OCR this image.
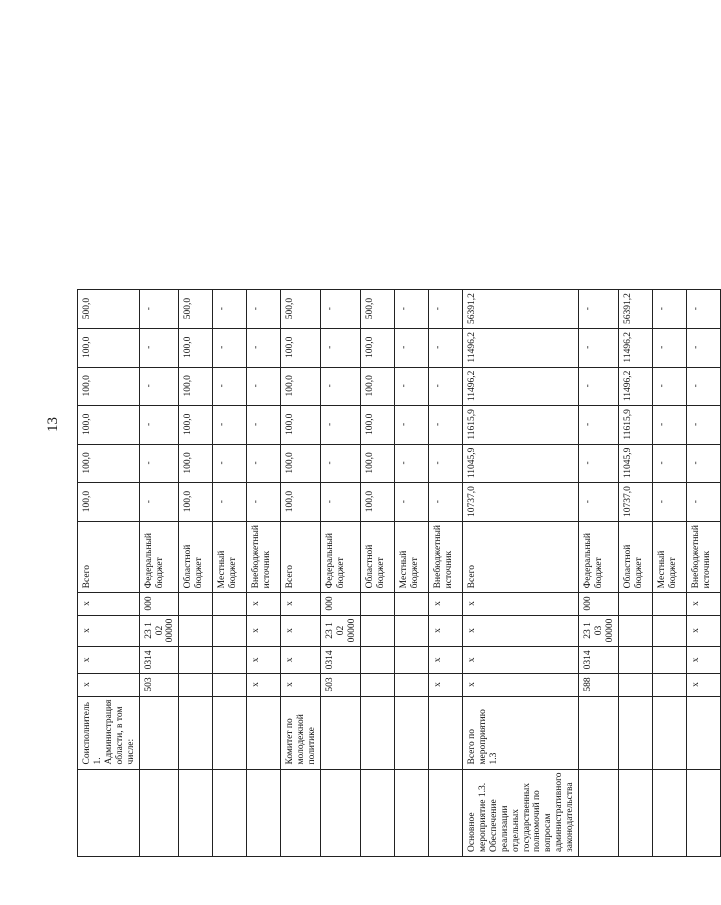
13
	Соисполнитель 1. Администрация области, в том числе:	х	х	х	х	Всего	100,0	100,0	100,0	100,0	100,0	500,0
		503	0314	23 1 02 00000	000	Федеральный бюджет	-	-	-	-	-	-
						Областной бюджет	100,0	100,0	100,0	100,0	100,0	500,0
						Местный бюджет	-	-	-	-	-	-
		х	х	х	х	Внебюджетный источник	-	-	-	-	-	-
	Комитет по молодежной политике	х	х	х	х	Всего	100,0	100,0	100,0	100,0	100,0	500,0
		503	0314	23 1 02 00000	000	Федеральный бюджет	-	-	-	-	-	-
						Областной бюджет	100,0	100,0	100,0	100,0	100,0	500,0
						Местный бюджет	-	-	-	-	-	-
		х	х	х	х	Внебюджетный источник	-	-	-	-	-	-
Основное мероприятие 1.3. Обеспечение реализации отдельных государственных полномочий по вопросам административного законодательства	Всего по мероприятию 1.3	х	х	х	х	Всего	10737,0	11045,9	11615,9	11496,2	11496,2	56391,2
		588	0314	23 1 03 00000	000	Федеральный бюджет	-	-	-	-	-	-
						Областной бюджет	10737,0	11045,9	11615,9	11496,2	11496,2	56391,2
						Местный бюджет	-	-	-	-	-	-
		х	х	х	х	Внебюджетный источник	-	-	-	-	-	-
